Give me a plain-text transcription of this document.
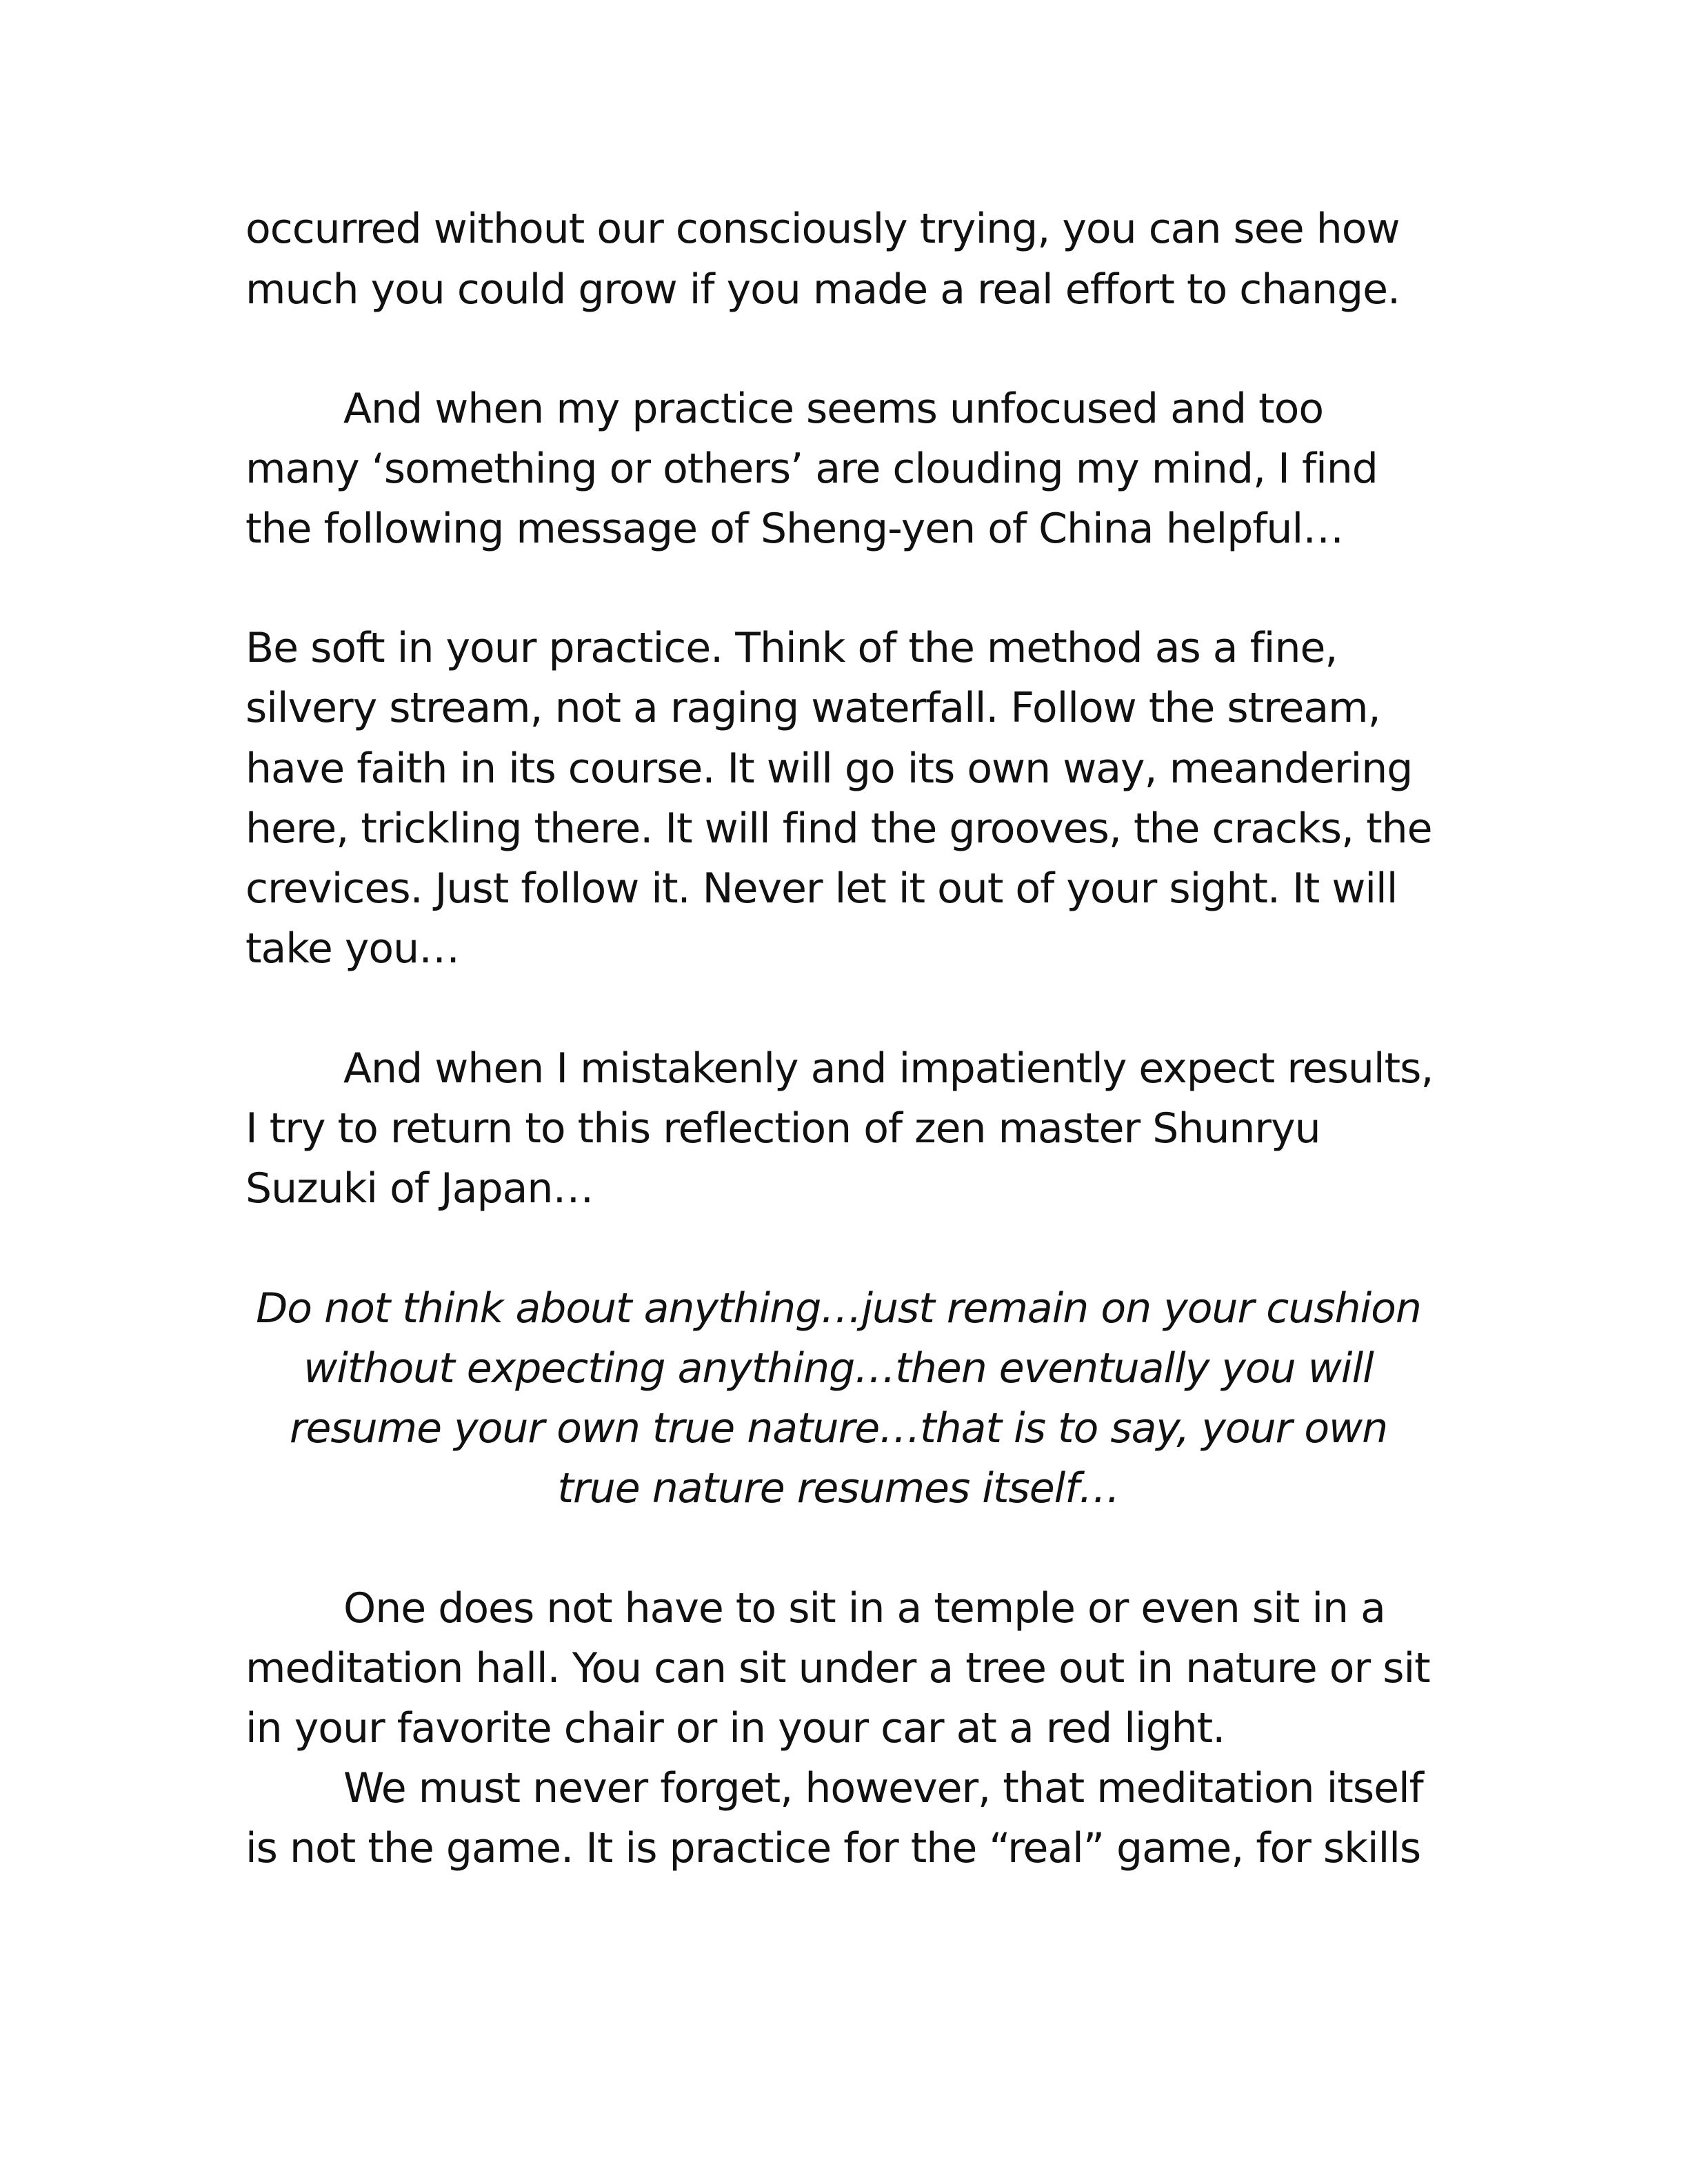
occurred without our consciously trying, you can see how
much you could grow if you made a real effort to change.
And when my practice seems unfocused and too
many ‘something or others’ are clouding my mind, I find
the following message of Sheng-yen of China helpful…
Be soft in your practice. Think of the method as a fine,
silvery stream, not a raging waterfall. Follow the stream,
have faith in its course. It will go its own way, meandering
here, trickling there. It will find the grooves, the cracks, the
crevices. Just follow it. Never let it out of your sight. It will
take you…
And when I mistakenly and impatiently expect results,
I try to return to this reflection of zen master Shunryu
Suzuki of Japan…
Do not think about anything…just remain on your cushion
without expecting anything…then eventually you will
resume your own true nature…that is to say, your own
true nature resumes itself…
One does not have to sit in a temple or even sit in a
meditation hall. You can sit under a tree out in nature or sit
in your favorite chair or in your car at a red light.
We must never forget, however, that meditation itself
is not the game. It is practice for the “real” game, for skills
